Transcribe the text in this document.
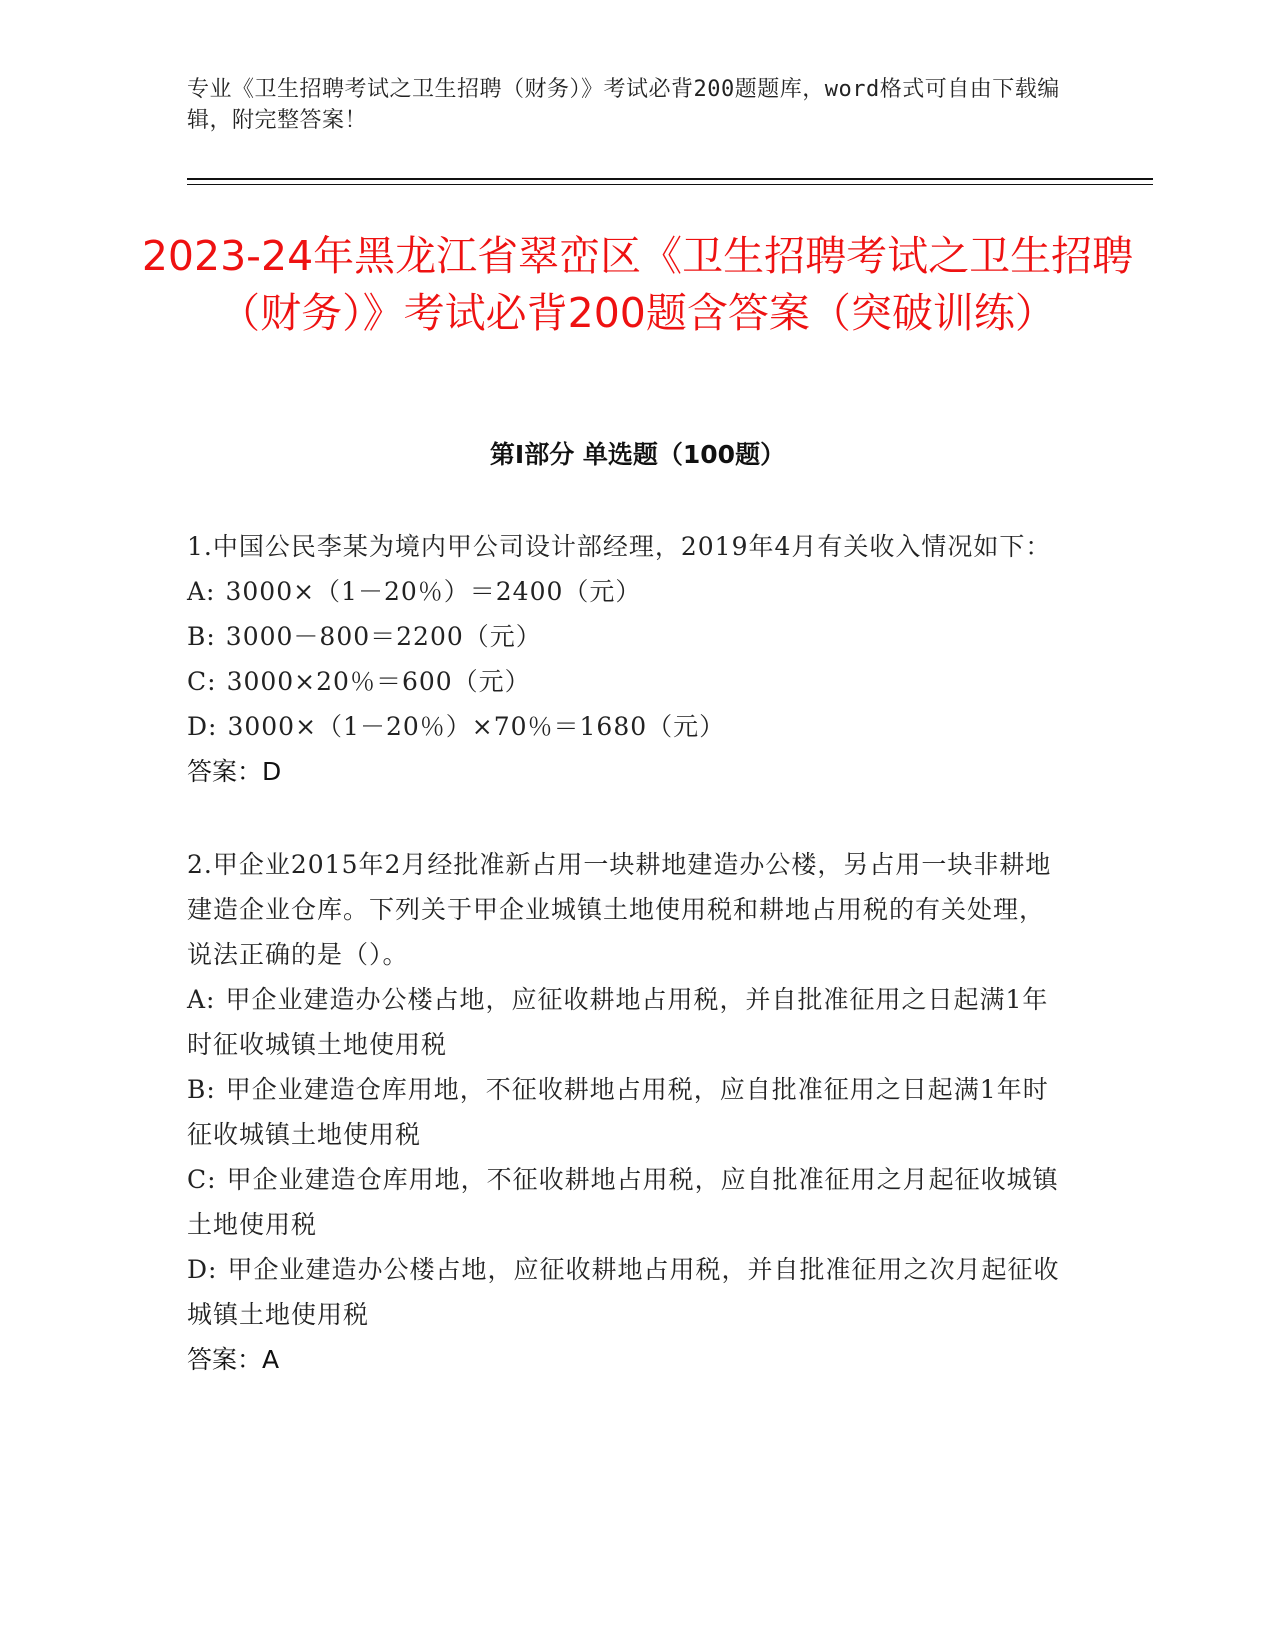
专业《卫生招聘考试之卫生招聘（财务）》考试必背200题题库，word格式可自由下载编辑，附完整答案！
2023-24年黑龙江省翠峦区《卫生招聘考试之卫生招聘（财务）》考试必背200题含答案（突破训练）
第I部分 单选题（100题）
1.中国公民李某为境内甲公司设计部经理，2019年4月有关收入情况如下：
A: 3000×（1－20％）＝2400（元）
B: 3000－800＝2200（元）
C: 3000×20％＝600（元）
D: 3000×（1－20％）×70％＝1680（元）
答案：D
2.甲企业2015年2月经批准新占用一块耕地建造办公楼，另占用一块非耕地建造企业仓库。下列关于甲企业城镇土地使用税和耕地占用税的有关处理，说法正确的是（）。
A: 甲企业建造办公楼占地，应征收耕地占用税，并自批准征用之日起满1年时征收城镇土地使用税
B: 甲企业建造仓库用地，不征收耕地占用税，应自批准征用之日起满1年时征收城镇土地使用税
C: 甲企业建造仓库用地，不征收耕地占用税，应自批准征用之月起征收城镇土地使用税
D: 甲企业建造办公楼占地，应征收耕地占用税，并自批准征用之次月起征收城镇土地使用税
答案：A
